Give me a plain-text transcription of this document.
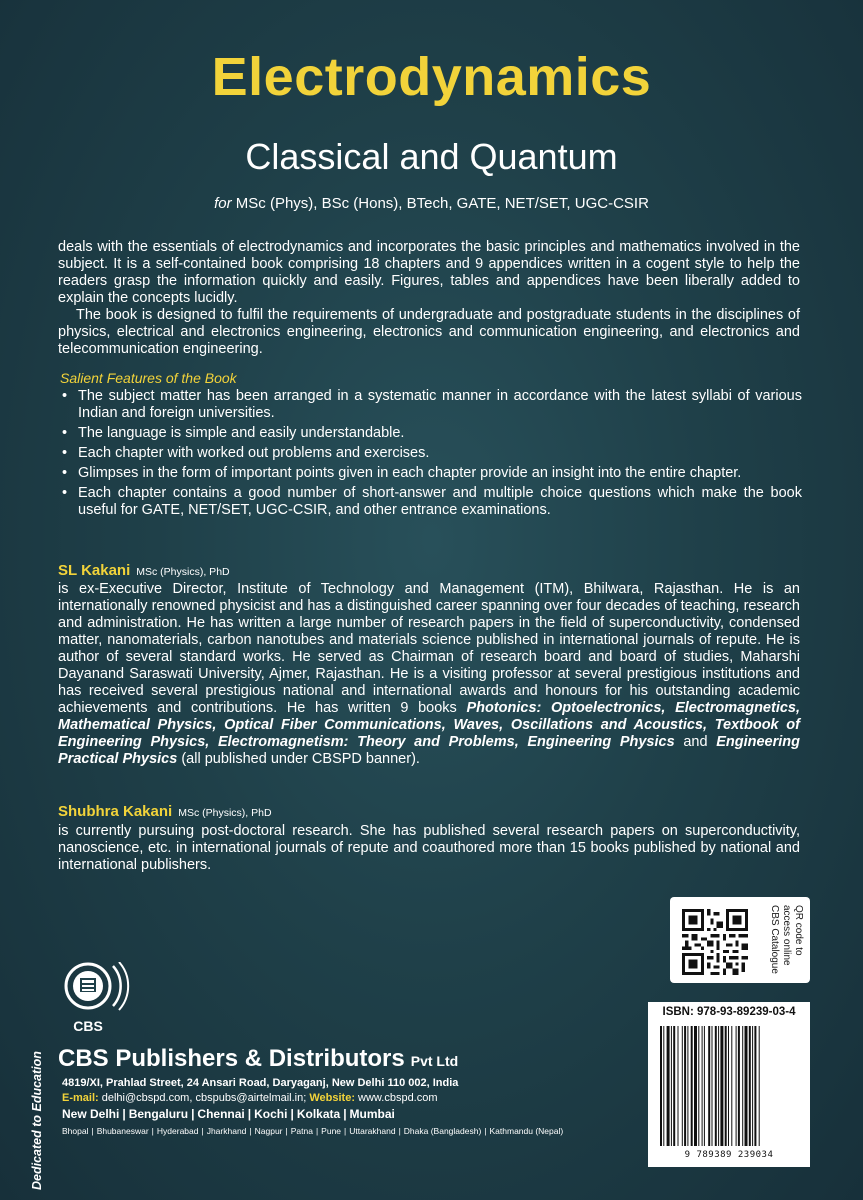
Electrodynamics
Classical and Quantum
for MSc (Phys), BSc (Hons), BTech, GATE, NET/SET, UGC-CSIR

deals with the essentials of electrodynamics and incorporates the basic principles and mathematics involved in the subject. It is a self-contained book comprising 18 chapters and 9 appendices written in a cogent style to help the readers grasp the information quickly and easily. Figures, tables and appendices have been liberally added to explain the concepts lucidly.

The book is designed to fulfil the requirements of undergraduate and postgraduate students in the disciplines of physics, electrical and electronics engineering, electronics and communication engineering, and electronics and telecommunication engineering.

Salient Features of the Book
• The subject matter has been arranged in a systematic manner in accordance with the latest syllabi of various Indian and foreign universities.
• The language is simple and easily understandable.
• Each chapter with worked out problems and exercises.
• Glimpses in the form of important points given in each chapter provide an insight into the entire chapter.
• Each chapter contains a good number of short-answer and multiple choice questions which make the book useful for GATE, NET/SET, UGC-CSIR, and other entrance examinations.
SL Kakani MSc (Physics), PhD
is ex-Executive Director, Institute of Technology and Management (ITM), Bhilwara, Rajasthan. He is an internationally renowned physicist and has a distinguished career spanning over four decades of teaching, research and administration. He has written a large number of research papers in the field of superconductivity, condensed matter, nanomaterials, carbon nanotubes and materials science published in international journals of repute. He is author of several standard works. He served as Chairman of research board and board of studies, Maharshi Dayanand Saraswati University, Ajmer, Rajasthan. He is a visiting professor at several prestigious institutions and has received several prestigious national and international awards and honours for his outstanding academic achievements and contributions. He has written 9 books Photonics: Optoelectronics, Electromagnetics, Mathematical Physics, Optical Fiber Communications, Waves, Oscillations and Acoustics, Textbook of Engineering Physics, Electromagnetism: Theory and Problems, Engineering Physics and Engineering Practical Physics (all published under CBSPD banner).
Shubhra Kakani MSc (Physics), PhD
is currently pursuing post-doctoral research. She has published several research papers on superconductivity, nanoscience, etc. in international journals of repute and coauthored more than 15 books published by national and international publishers.
QR code to access online CBS Catalogue
ISBN: 978-93-89239-03-4
9 789389 239034
Dedicated to Education
CBS
CBS Publishers & Distributors Pvt Ltd
4819/XI, Prahlad Street, 24 Ansari Road, Daryaganj, New Delhi 110 002, India
E-mail: delhi@cbspd.com, cbspubs@airtelmail.in; Website: www.cbspd.com
New Delhi | Bengaluru | Chennai | Kochi | Kolkata | Mumbai
Bhopal | Bhubaneswar | Hyderabad | Jharkhand | Nagpur | Patna | Pune | Uttarakhand | Dhaka (Bangladesh) | Kathmandu (Nepal)
